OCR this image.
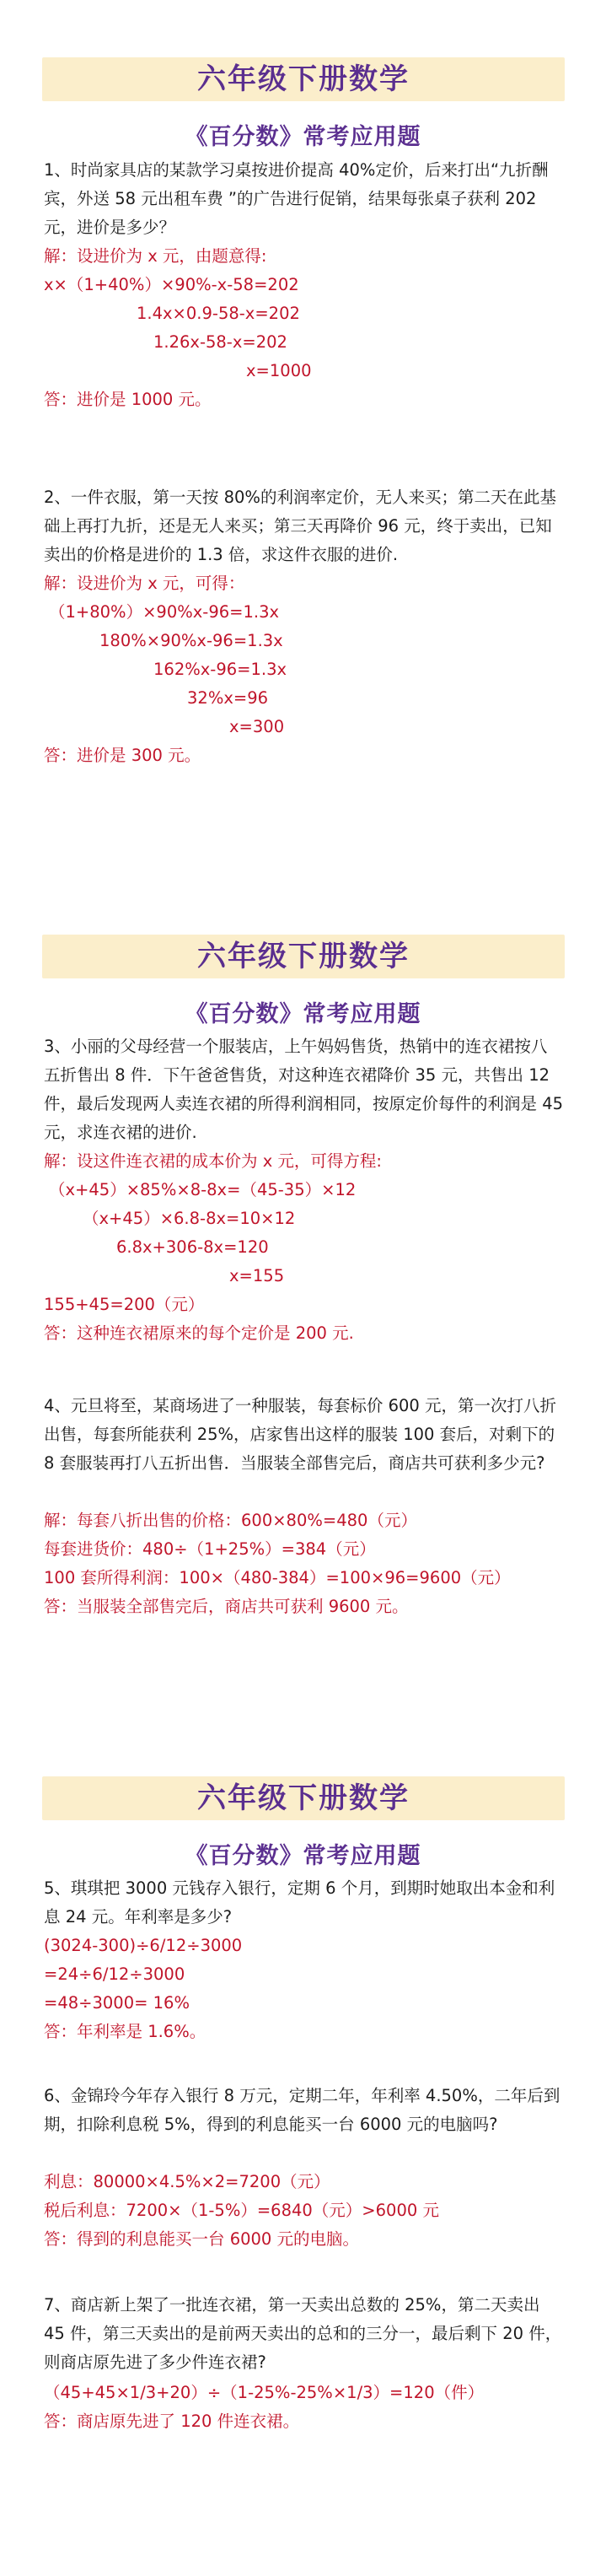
六年级下册数学
《百分数》常考应用题

1、时尚家具店的某款学习桌按进价提高 40%定价，后来打出“九折酬宾，外送 58 元出租车费 ”的广告进行促销，结果每张桌子获利 202 元，进价是多少？

解：设进价为 x 元，由题意得:

x×（1+40%）×90%-x-58=202

1.4x×0.9-58-x=202

1.26x-58-x=202

x=1000

答：进价是 1000 元。

2、一件衣服，第一天按 80%的利润率定价，无人来买；第二天在此基础上再打九折，还是无人来买；第三天再降价 96 元，终于卖出，已知卖出的价格是进价的 1.3 倍，求这件衣服的进价.

解：设进价为 x 元，可得：

（1+80%）×90%x-96=1.3x

180%×90%x-96=1.3x

162%x-96=1.3x

32%x=96

x=300

答：进价是 300 元。

六年级下册数学
《百分数》常考应用题

3、小丽的父母经营一个服装店，上午妈妈售货，热销中的连衣裙按八五折售出 8 件．下午爸爸售货，对这种连衣裙降价 35 元，共售出 12 件，最后发现两人卖连衣裙的所得利润相同，按原定价每件的利润是 45 元，求连衣裙的进价.

解：设这件连衣裙的成本价为 x 元，可得方程:

（x+45）×85%×8-8x=（45-35）×12

（x+45）×6.8-8x=10×12

6.8x+306-8x=120

x=155

155+45=200（元）

答：这种连衣裙原来的每个定价是 200 元.

4、元旦将至，某商场进了一种服装，每套标价 600 元，第一次打八折出售，每套所能获利 25%，店家售出这样的服装 100 套后，对剩下的 8 套服装再打八五折出售．当服装全部售完后，商店共可获利多少元?

解：每套八折出售的价格：600×80%=480（元）

每套进货价：480÷（1+25%）=384（元）

100 套所得利润：100×（480-384）=100×96=9600（元）

答：当服装全部售完后，商店共可获利 9600 元。

六年级下册数学
《百分数》常考应用题

5、琪琪把 3000 元钱存入银行，定期 6 个月，到期时她取出本金和利息 24 元。年利率是多少?

(3024-300)÷6/12÷3000

=24÷6/12÷3000

=48÷3000= 16%

答：年利率是 1.6%。

6、金锦玲今年存入银行 8 万元，定期二年，年利率 4.50%，二年后到期，扣除利息税 5%，得到的利息能买一台 6000 元的电脑吗?

利息：80000×4.5%×2=7200（元）

税后利息：7200×（1-5%）=6840（元）>6000 元

答：得到的利息能买一台 6000 元的电脑。

7、商店新上架了一批连衣裙，第一天卖出总数的 25%，第二天卖出 45 件，第三天卖出的是前两天卖出的总和的三分一，最后剩下 20 件，则商店原先进了多少件连衣裙?

（45+45×1/3+20）÷（1-25%-25%×1/3）=120（件）

答：商店原先进了 120 件连衣裙。
